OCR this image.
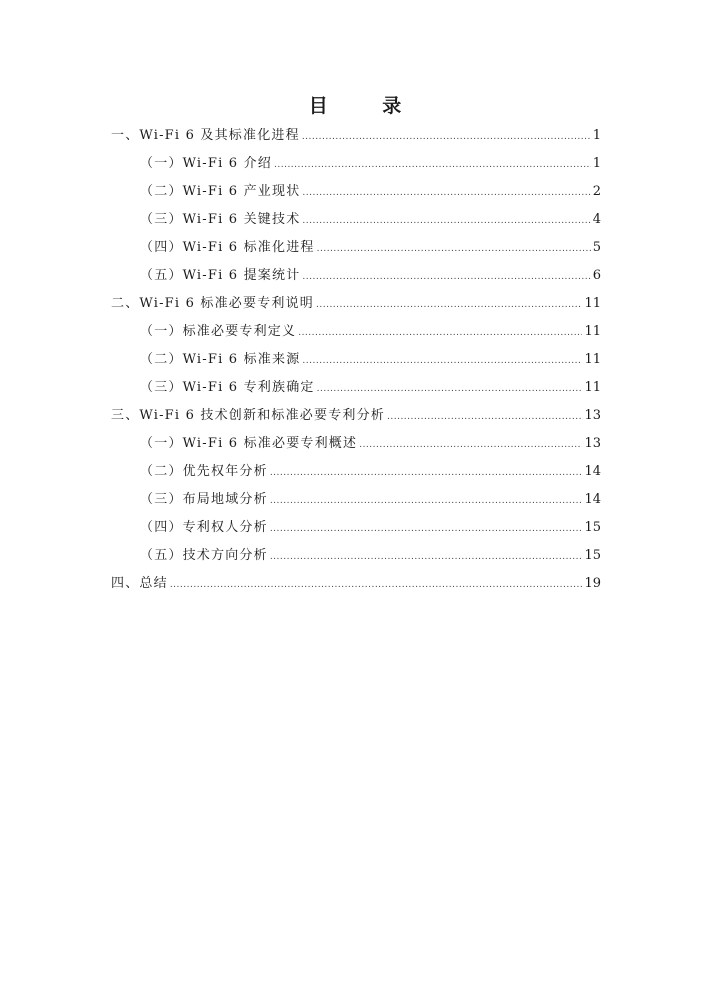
目 录
一、Wi-Fi 6 及其标准化进程 .....	1
（一）Wi-Fi 6 介绍 .....	1
（二）Wi-Fi 6 产业现状 .....	2
（三）Wi-Fi 6 关键技术 .....	4
（四）Wi-Fi 6 标准化进程 .....	5
（五）Wi-Fi 6 提案统计 .....	6
二、Wi-Fi 6 标准必要专利说明 .....	11
（一）标准必要专利定义 .....	11
（二）Wi-Fi 6 标准来源 .....	11
（三）Wi-Fi 6 专利族确定 .....	11
三、Wi-Fi 6 技术创新和标准必要专利分析 .....	13
（一）Wi-Fi 6 标准必要专利概述 .....	13
（二）优先权年分析 .....	14
（三）布局地域分析 .....	14
（四）专利权人分析 .....	15
（五）技术方向分析 .....	15
四、总结 .....	19
